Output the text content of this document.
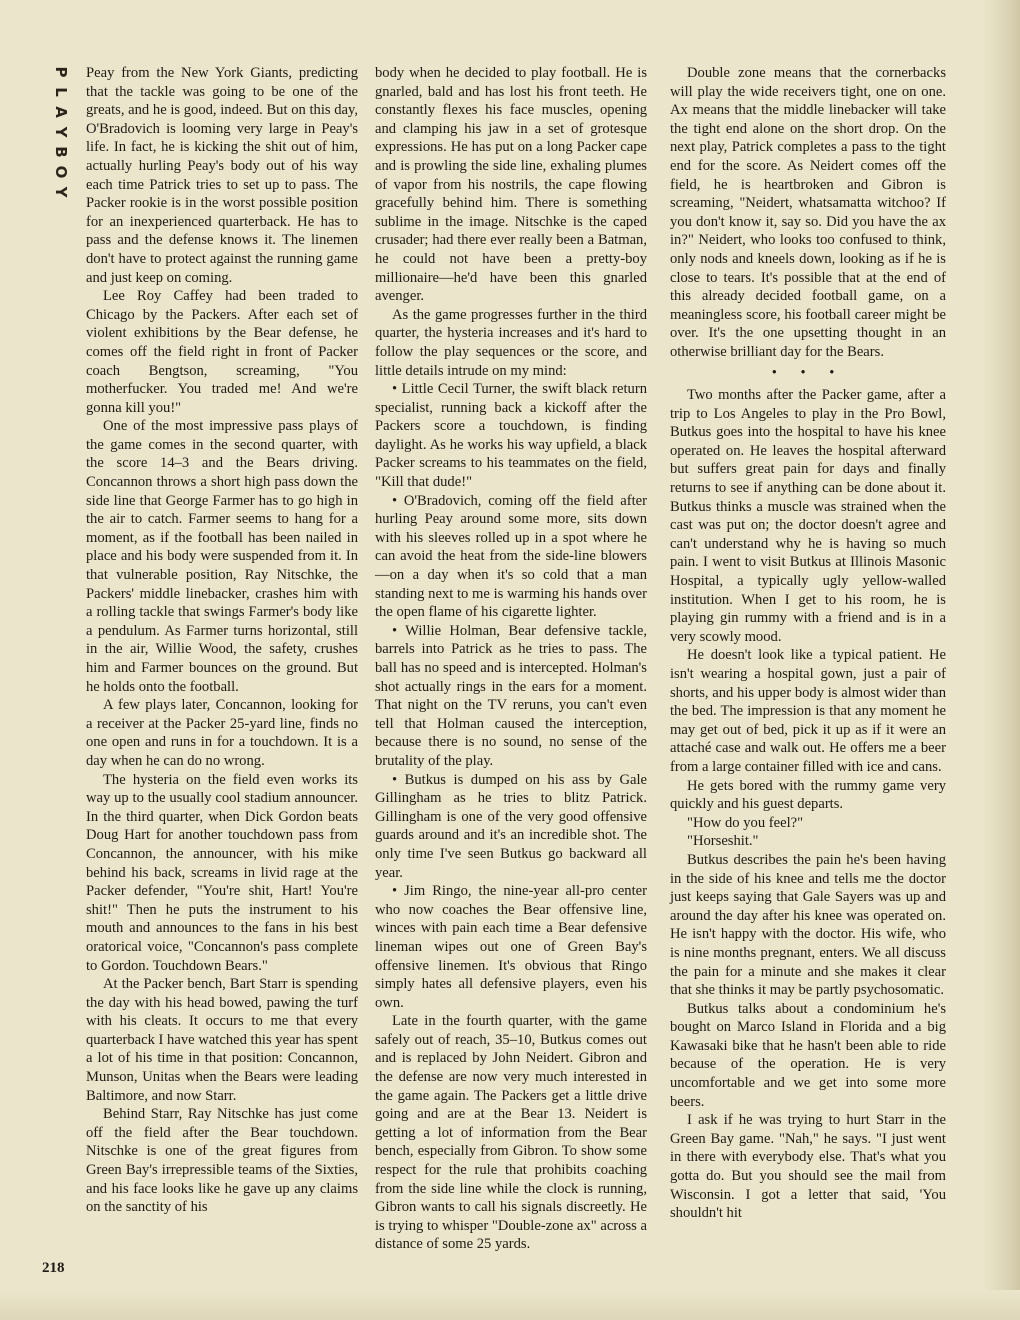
P
L
A
Y
B
O
Y
218

Peay from the New York Giants, predicting that the tackle was going to be one of the greats, and he is good, indeed. But on this day, O'Bradovich is looming very large in Peay's life. In fact, he is kicking the shit out of him, actually hurling Peay's body out of his way each time Patrick tries to set up to pass. The Packer rookie is in the worst possible position for an inexperienced quarterback. He has to pass and the defense knows it. The linemen don't have to protect against the running game and just keep on coming.

Lee Roy Caffey had been traded to Chicago by the Packers. After each set of violent exhibitions by the Bear defense, he comes off the field right in front of Packer coach Bengtson, screaming, "You motherfucker. You traded me! And we're gonna kill you!"

One of the most impressive pass plays of the game comes in the second quarter, with the score 14–3 and the Bears driving. Concannon throws a short high pass down the side line that George Farmer has to go high in the air to catch. Farmer seems to hang for a moment, as if the football has been nailed in place and his body were suspended from it. In that vulnerable position, Ray Nitschke, the Packers' middle linebacker, crashes him with a rolling tackle that swings Farmer's body like a pendulum. As Farmer turns horizontal, still in the air, Willie Wood, the safety, crushes him and Farmer bounces on the ground. But he holds onto the football.

A few plays later, Concannon, looking for a receiver at the Packer 25-yard line, finds no one open and runs in for a touchdown. It is a day when he can do no wrong.

The hysteria on the field even works its way up to the usually cool stadium announcer. In the third quarter, when Dick Gordon beats Doug Hart for another touchdown pass from Concannon, the announcer, with his mike behind his back, screams in livid rage at the Packer defender, "You're shit, Hart! You're shit!" Then he puts the instrument to his mouth and announces to the fans in his best oratorical voice, "Concannon's pass complete to Gordon. Touchdown Bears."

At the Packer bench, Bart Starr is spending the day with his head bowed, pawing the turf with his cleats. It occurs to me that every quarterback I have watched this year has spent a lot of his time in that position: Concannon, Munson, Unitas when the Bears were leading Baltimore, and now Starr.

Behind Starr, Ray Nitschke has just come off the field after the Bear touchdown. Nitschke is one of the great figures from Green Bay's irrepressible teams of the Sixties, and his face looks like he gave up any claims on the sanctity of his

body when he decided to play football. He is gnarled, bald and has lost his front teeth. He constantly flexes his face muscles, opening and clamping his jaw in a set of grotesque expressions. He has put on a long Packer cape and is prowling the side line, exhaling plumes of vapor from his nostrils, the cape flowing gracefully behind him. There is something sublime in the image. Nitschke is the caped crusader; had there ever really been a Batman, he could not have been a pretty-boy millionaire—he'd have been this gnarled avenger.

As the game progresses further in the third quarter, the hysteria increases and it's hard to follow the play sequences or the score, and little details intrude on my mind:

• Little Cecil Turner, the swift black return specialist, running back a kickoff after the Packers score a touchdown, is finding daylight. As he works his way upfield, a black Packer screams to his teammates on the field, "Kill that dude!"

• O'Bradovich, coming off the field after hurling Peay around some more, sits down with his sleeves rolled up in a spot where he can avoid the heat from the side-line blowers—on a day when it's so cold that a man standing next to me is warming his hands over the open flame of his cigarette lighter.

• Willie Holman, Bear defensive tackle, barrels into Patrick as he tries to pass. The ball has no speed and is intercepted. Holman's shot actually rings in the ears for a moment. That night on the TV reruns, you can't even tell that Holman caused the interception, because there is no sound, no sense of the brutality of the play.

• Butkus is dumped on his ass by Gale Gillingham as he tries to blitz Patrick. Gillingham is one of the very good offensive guards around and it's an incredible shot. The only time I've seen Butkus go backward all year.

• Jim Ringo, the nine-year all-pro center who now coaches the Bear offensive line, winces with pain each time a Bear defensive lineman wipes out one of Green Bay's offensive linemen. It's obvious that Ringo simply hates all defensive players, even his own.

Late in the fourth quarter, with the game safely out of reach, 35–10, Butkus comes out and is replaced by John Neidert. Gibron and the defense are now very much interested in the game again. The Packers get a little drive going and are at the Bear 13. Neidert is getting a lot of information from the Bear bench, especially from Gibron. To show some respect for the rule that prohibits coaching from the side line while the clock is running, Gibron wants to call his signals discreetly. He is trying to whisper "Double-zone ax" across a distance of some 25 yards.

Double zone means that the cornerbacks will play the wide receivers tight, one on one. Ax means that the middle linebacker will take the tight end alone on the short drop. On the next play, Patrick completes a pass to the tight end for the score. As Neidert comes off the field, he is heartbroken and Gibron is screaming, "Neidert, whatsamatta witchoo? If you don't know it, say so. Did you have the ax in?" Neidert, who looks too confused to think, only nods and kneels down, looking as if he is close to tears. It's possible that at the end of this already decided football game, on a meaningless score, his football career might be over. It's the one upsetting thought in an otherwise brilliant day for the Bears.

• • •

Two months after the Packer game, after a trip to Los Angeles to play in the Pro Bowl, Butkus goes into the hospital to have his knee operated on. He leaves the hospital afterward but suffers great pain for days and finally returns to see if anything can be done about it. Butkus thinks a muscle was strained when the cast was put on; the doctor doesn't agree and can't understand why he is having so much pain. I went to visit Butkus at Illinois Masonic Hospital, a typically ugly yellow-walled institution. When I get to his room, he is playing gin rummy with a friend and is in a very scowly mood.

He doesn't look like a typical patient. He isn't wearing a hospital gown, just a pair of shorts, and his upper body is almost wider than the bed. The impression is that any moment he may get out of bed, pick it up as if it were an attaché case and walk out. He offers me a beer from a large container filled with ice and cans.

He gets bored with the rummy game very quickly and his guest departs.

"How do you feel?"

"Horseshit."

Butkus describes the pain he's been having in the side of his knee and tells me the doctor just keeps saying that Gale Sayers was up and around the day after his knee was operated on. He isn't happy with the doctor. His wife, who is nine months pregnant, enters. We all discuss the pain for a minute and she makes it clear that she thinks it may be partly psychosomatic.

Butkus talks about a condominium he's bought on Marco Island in Florida and a big Kawasaki bike that he hasn't been able to ride because of the operation. He is very uncomfortable and we get into some more beers.

I ask if he was trying to hurt Starr in the Green Bay game. "Nah," he says. "I just went in there with everybody else. That's what you gotta do. But you should see the mail from Wisconsin. I got a letter that said, 'You shouldn't hit
